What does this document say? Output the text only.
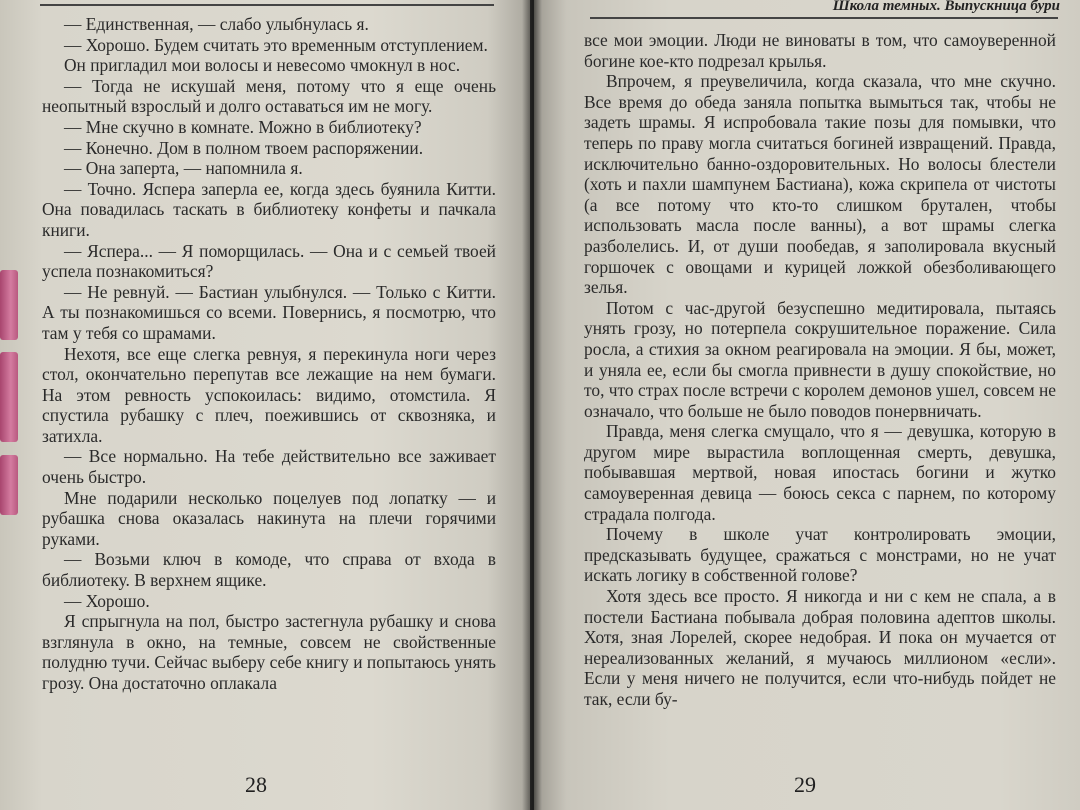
— Единственная, — слабо улыбнулась я.

— Хорошо. Будем считать это временным отступлением.

Он пригладил мои волосы и невесомо чмокнул в нос.

— Тогда не искушай меня, потому что я еще очень неопытный взрослый и долго оставаться им не могу.

— Мне скучно в комнате. Можно в библиотеку?

— Конечно. Дом в полном твоем распоряжении.

— Она заперта, — напомнила я.

— Точно. Яспера заперла ее, когда здесь буянила Китти. Она повадилась таскать в библиотеку конфеты и пачкала книги.

— Яспера... — Я поморщилась. — Она и с семьей твоей успела познакомиться?

— Не ревнуй. — Бастиан улыбнулся. — Только с Китти. А ты познакомишься со всеми. Повернись, я посмотрю, что там у тебя со шрамами.

Нехотя, все еще слегка ревнуя, я перекинула ноги через стол, окончательно перепутав все лежащие на нем бумаги. На этом ревность успокоилась: видимо, отомстила. Я спустила рубашку с плеч, поежившись от сквозняка, и затихла.

— Все нормально. На тебе действительно все заживает очень быстро.

Мне подарили несколько поцелуев под лопатку — и рубашка снова оказалась накинута на плечи горячими руками.

— Возьми ключ в комоде, что справа от входа в библиотеку. В верхнем ящике.

— Хорошо.

Я спрыгнула на пол, быстро застегнула рубашку и снова взглянула в окно, на темные, совсем не свойственные полудню тучи. Сейчас выберу себе книгу и попытаюсь унять грозу. Она достаточно оплакала

28
Школа темных. Выпускница бури

все мои эмоции. Люди не виноваты в том, что самоуверенной богине кое-кто подрезал крылья.

Впрочем, я преувеличила, когда сказала, что мне скучно. Все время до обеда заняла попытка вымыться так, чтобы не задеть шрамы. Я испробовала такие позы для помывки, что теперь по праву могла считаться богиней извращений. Правда, исключительно банно-оздоровительных. Но волосы блестели (хоть и пахли шампунем Бастиана), кожа скрипела от чистоты (а все потому что кто-то слишком брутален, чтобы использовать масла после ванны), а вот шрамы слегка разболелись. И, от души пообедав, я заполировала вкусный горшочек с овощами и курицей ложкой обезболивающего зелья.

Потом с час-другой безуспешно медитировала, пытаясь унять грозу, но потерпела сокрушительное поражение. Сила росла, а стихия за окном реагировала на эмоции. Я бы, может, и уняла ее, если бы смогла привнести в душу спокойствие, но то, что страх после встречи с королем демонов ушел, совсем не означало, что больше не было поводов понервничать.

Правда, меня слегка смущало, что я — девушка, которую в другом мире вырастила воплощенная смерть, девушка, побывавшая мертвой, новая ипостась богини и жутко самоуверенная девица — боюсь секса с парнем, по которому страдала полгода.

Почему в школе учат контролировать эмоции, предсказывать будущее, сражаться с монстрами, но не учат искать логику в собственной голове?

Хотя здесь все просто. Я никогда и ни с кем не спала, а в постели Бастиана побывала добрая половина адептов школы. Хотя, зная Лорелей, скорее недобрая. И пока он мучается от нереализованных желаний, я мучаюсь миллионом «если». Если у меня ничего не получится, если что-нибудь пойдет не так, если бу-

29
